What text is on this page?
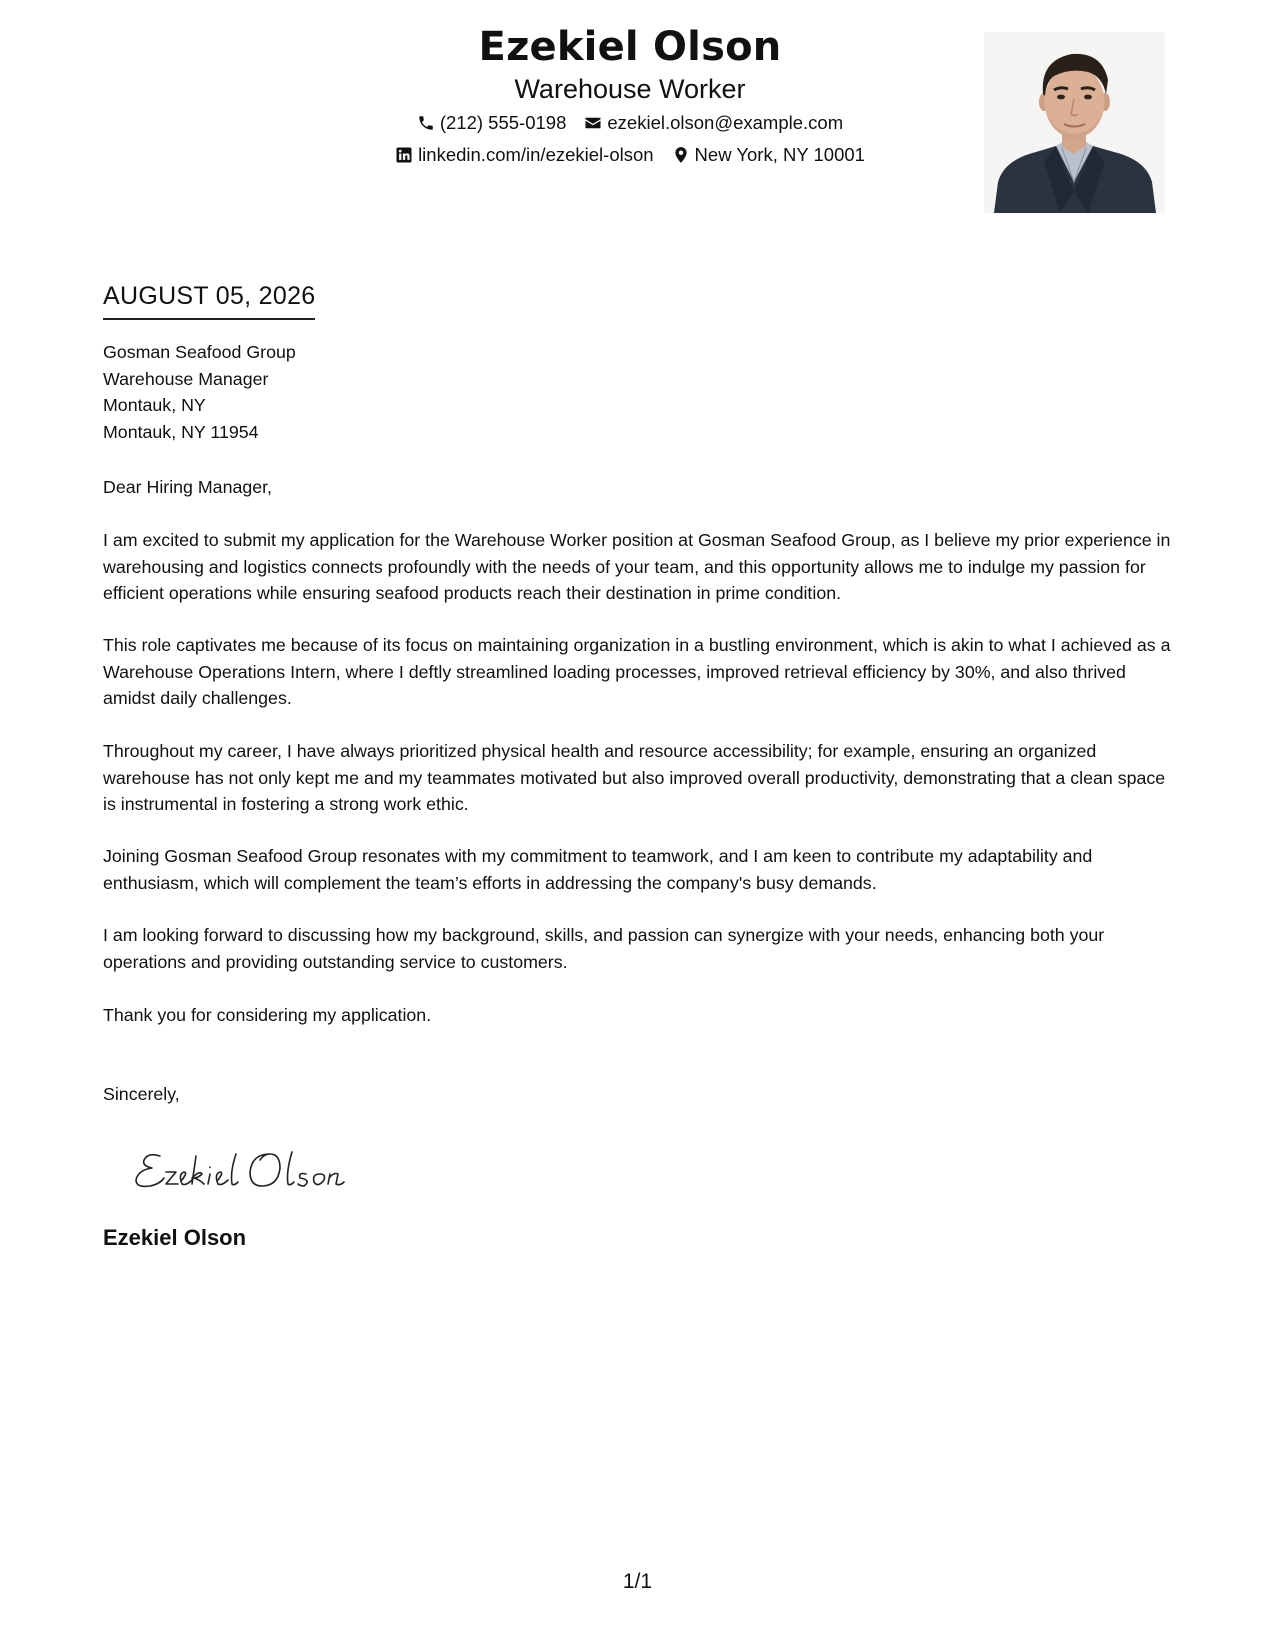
Ezekiel Olson
Warehouse Worker
(212) 555-0198 ezekiel.olson@example.com
linkedin.com/in/ezekiel-olson New York, NY 10001
AUGUST 05, 2026
Gosman Seafood Group
Warehouse Manager
Montauk, NY
Montauk, NY 11954
Dear Hiring Manager,
I am excited to submit my application for the Warehouse Worker position at Gosman Seafood Group, as I believe my prior experience in warehousing and logistics connects profoundly with the needs of your team, and this opportunity allows me to indulge my passion for efficient operations while ensuring seafood products reach their destination in prime condition.
This role captivates me because of its focus on maintaining organization in a bustling environment, which is akin to what I achieved as a Warehouse Operations Intern, where I deftly streamlined loading processes, improved retrieval efficiency by 30%, and also thrived amidst daily challenges.
Throughout my career, I have always prioritized physical health and resource accessibility; for example, ensuring an organized warehouse has not only kept me and my teammates motivated but also improved overall productivity, demonstrating that a clean space is instrumental in fostering a strong work ethic.
Joining Gosman Seafood Group resonates with my commitment to teamwork, and I am keen to contribute my adaptability and enthusiasm, which will complement the team’s efforts in addressing the company's busy demands.
I am looking forward to discussing how my background, skills, and passion can synergize with your needs, enhancing both your operations and providing outstanding service to customers.
Thank you for considering my application.
Sincerely,
Ezekiel Olson
1/1
